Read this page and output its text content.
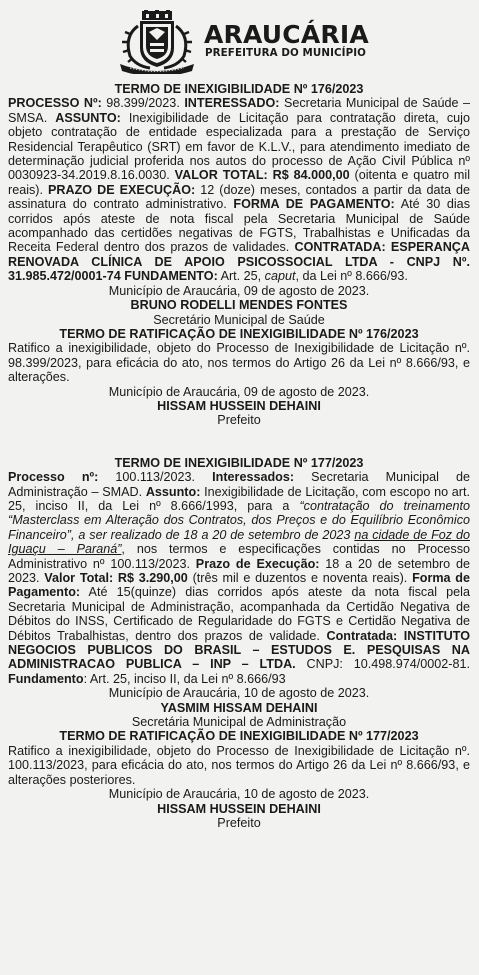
ARAUCÁRIA
PREFEITURA DO MUNICÍPIO
TERMO DE INEXIGIBILIDADE Nº 176/2023
PROCESSO Nº: 98.399/2023. INTERESSADO: Secretaria Municipal de Saúde – SMSA. ASSUNTO: Inexigibilidade de Licitação para contratação direta, cujo objeto contratação de entidade especializada para a prestação de Serviço Residencial Terapêutico (SRT) em favor de K.L.V., para atendimento imediato de determinação judicial proferida nos autos do processo de Ação Civil Pública nº 0030923-34.2019.8.16.0030. VALOR TOTAL: R$ 84.000,00 (oitenta e quatro mil reais). PRAZO DE EXECUÇÃO: 12 (doze) meses, contados a partir da data de assinatura do contrato administrativo. FORMA DE PAGAMENTO: Até 30 dias corridos após ateste de nota fiscal pela Secretaria Municipal de Saúde acompanhado das certidões negativas de FGTS, Trabalhistas e Unificadas da Receita Federal dentro dos prazos de validades. CONTRATADA: ESPERANÇA RENOVADA CLÍNICA DE APOIO PSICOSSOCIAL LTDA - CNPJ Nº. 31.985.472/0001-74 FUNDAMENTO: Art. 25, caput, da Lei nº 8.666/93.
Município de Araucária, 09 de agosto de 2023.
BRUNO RODELLI MENDES FONTES
Secretário Municipal de Saúde
TERMO DE RATIFICAÇÃO DE INEXIGIBILIDADE Nº 176/2023
Ratifico a inexigibilidade, objeto do Processo de Inexigibilidade de Licitação nº. 98.399/2023, para eficácia do ato, nos termos do Artigo 26 da Lei nº 8.666/93, e alterações.
Município de Araucária, 09 de agosto de 2023.
HISSAM HUSSEIN DEHAINI
Prefeito
TERMO DE INEXIGIBILIDADE Nº 177/2023
Processo nº: 100.113/2023. Interessados: Secretaria Municipal de Administração – SMAD. Assunto: Inexigibilidade de Licitação, com escopo no art. 25, inciso II, da Lei nº 8.666/1993, para a “contratação do treinamento “Masterclass em Alteração dos Contratos, dos Preços e do Equilíbrio Econômico Financeiro”, a ser realizado de 18 a 20 de setembro de 2023 na cidade de Foz do Iguaçu – Paraná”, nos termos e especificações contidas no Processo Administrativo nº 100.113/2023. Prazo de Execução: 18 a 20 de setembro de 2023. Valor Total: R$ 3.290,00 (três mil e duzentos e noventa reais). Forma de Pagamento: Até 15(quinze) dias corridos após ateste da nota fiscal pela Secretaria Municipal de Administração, acompanhada da Certidão Negativa de Débitos do INSS, Certificado de Regularidade do FGTS e Certidão Negativa de Débitos Trabalhistas, dentro dos prazos de validade. Contratada: INSTITUTO NEGOCIOS PUBLICOS DO BRASIL – ESTUDOS E. PESQUISAS NA ADMINISTRACAO PUBLICA – INP – LTDA. CNPJ: 10.498.974/0002-81. Fundamento: Art. 25, inciso II, da Lei nº 8.666/93
Município de Araucária, 10 de agosto de 2023.
YASMIM HISSAM DEHAINI
Secretária Municipal de Administração
TERMO DE RATIFICAÇÃO DE INEXIGIBILIDADE Nº 177/2023
Ratifico a inexigibilidade, objeto do Processo de Inexigibilidade de Licitação nº. 100.113/2023, para eficácia do ato, nos termos do Artigo 26 da Lei nº 8.666/93, e alterações posteriores.
Município de Araucária, 10 de agosto de 2023.
HISSAM HUSSEIN DEHAINI
Prefeito
